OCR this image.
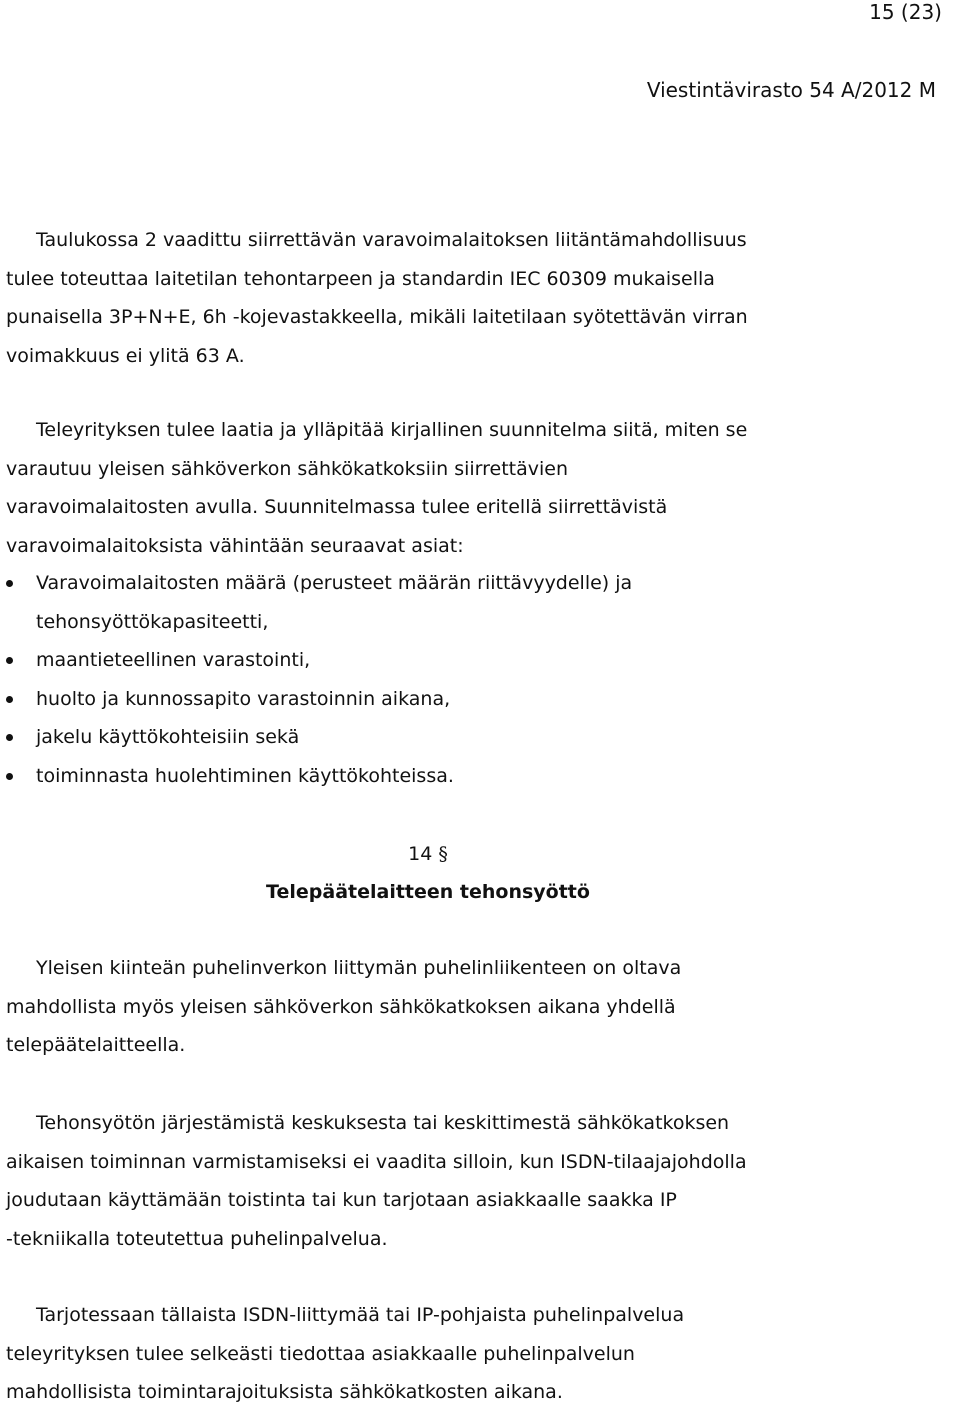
15 (23)
Viestintävirasto 54 A/2012 M

Taulukossa 2 vaadittu siirrettävän varavoimalaitoksen liitäntämahdollisuus
tulee toteuttaa laitetilan tehontarpeen ja standardin IEC 60309 mukaisella
punaisella 3P+N+E, 6h -kojevastakkeella, mikäli laitetilaan syötettävän virran
voimakkuus ei ylitä 63 A.

Teleyrityksen tulee laatia ja ylläpitää kirjallinen suunnitelma siitä, miten se
varautuu yleisen sähköverkon sähkökatkoksiin siirrettävien
varavoimalaitosten avulla. Suunnitelmassa tulee eritellä siirrettävistä
varavoimalaitoksista vähintään seuraavat asiat:

Varavoimalaitosten määrä (perusteet määrän riittävyydelle) ja
tehonsyöttökapasiteetti,
maantieteellinen varastointi,
huolto ja kunnossapito varastoinnin aikana,
jakelu käyttökohteisiin sekä
toiminnasta huolehtiminen käyttökohteissa.
14 §
Telepäätelaitteen tehonsyöttö

Yleisen kiinteän puhelinverkon liittymän puhelinliikenteen on oltava
mahdollista myös yleisen sähköverkon sähkökatkoksen aikana yhdellä
telepäätelaitteella.

Tehonsyötön järjestämistä keskuksesta tai keskittimestä sähkökatkoksen
aikaisen toiminnan varmistamiseksi ei vaadita silloin, kun ISDN-tilaajajohdolla
joudutaan käyttämään toistinta tai kun tarjotaan asiakkaalle saakka IP
-tekniikalla toteutettua puhelinpalvelua.

Tarjotessaan tällaista ISDN-liittymää tai IP-pohjaista puhelinpalvelua
teleyrityksen tulee selkeästi tiedottaa asiakkaalle puhelinpalvelun
mahdollisista toimintarajoituksista sähkökatkosten aikana.
